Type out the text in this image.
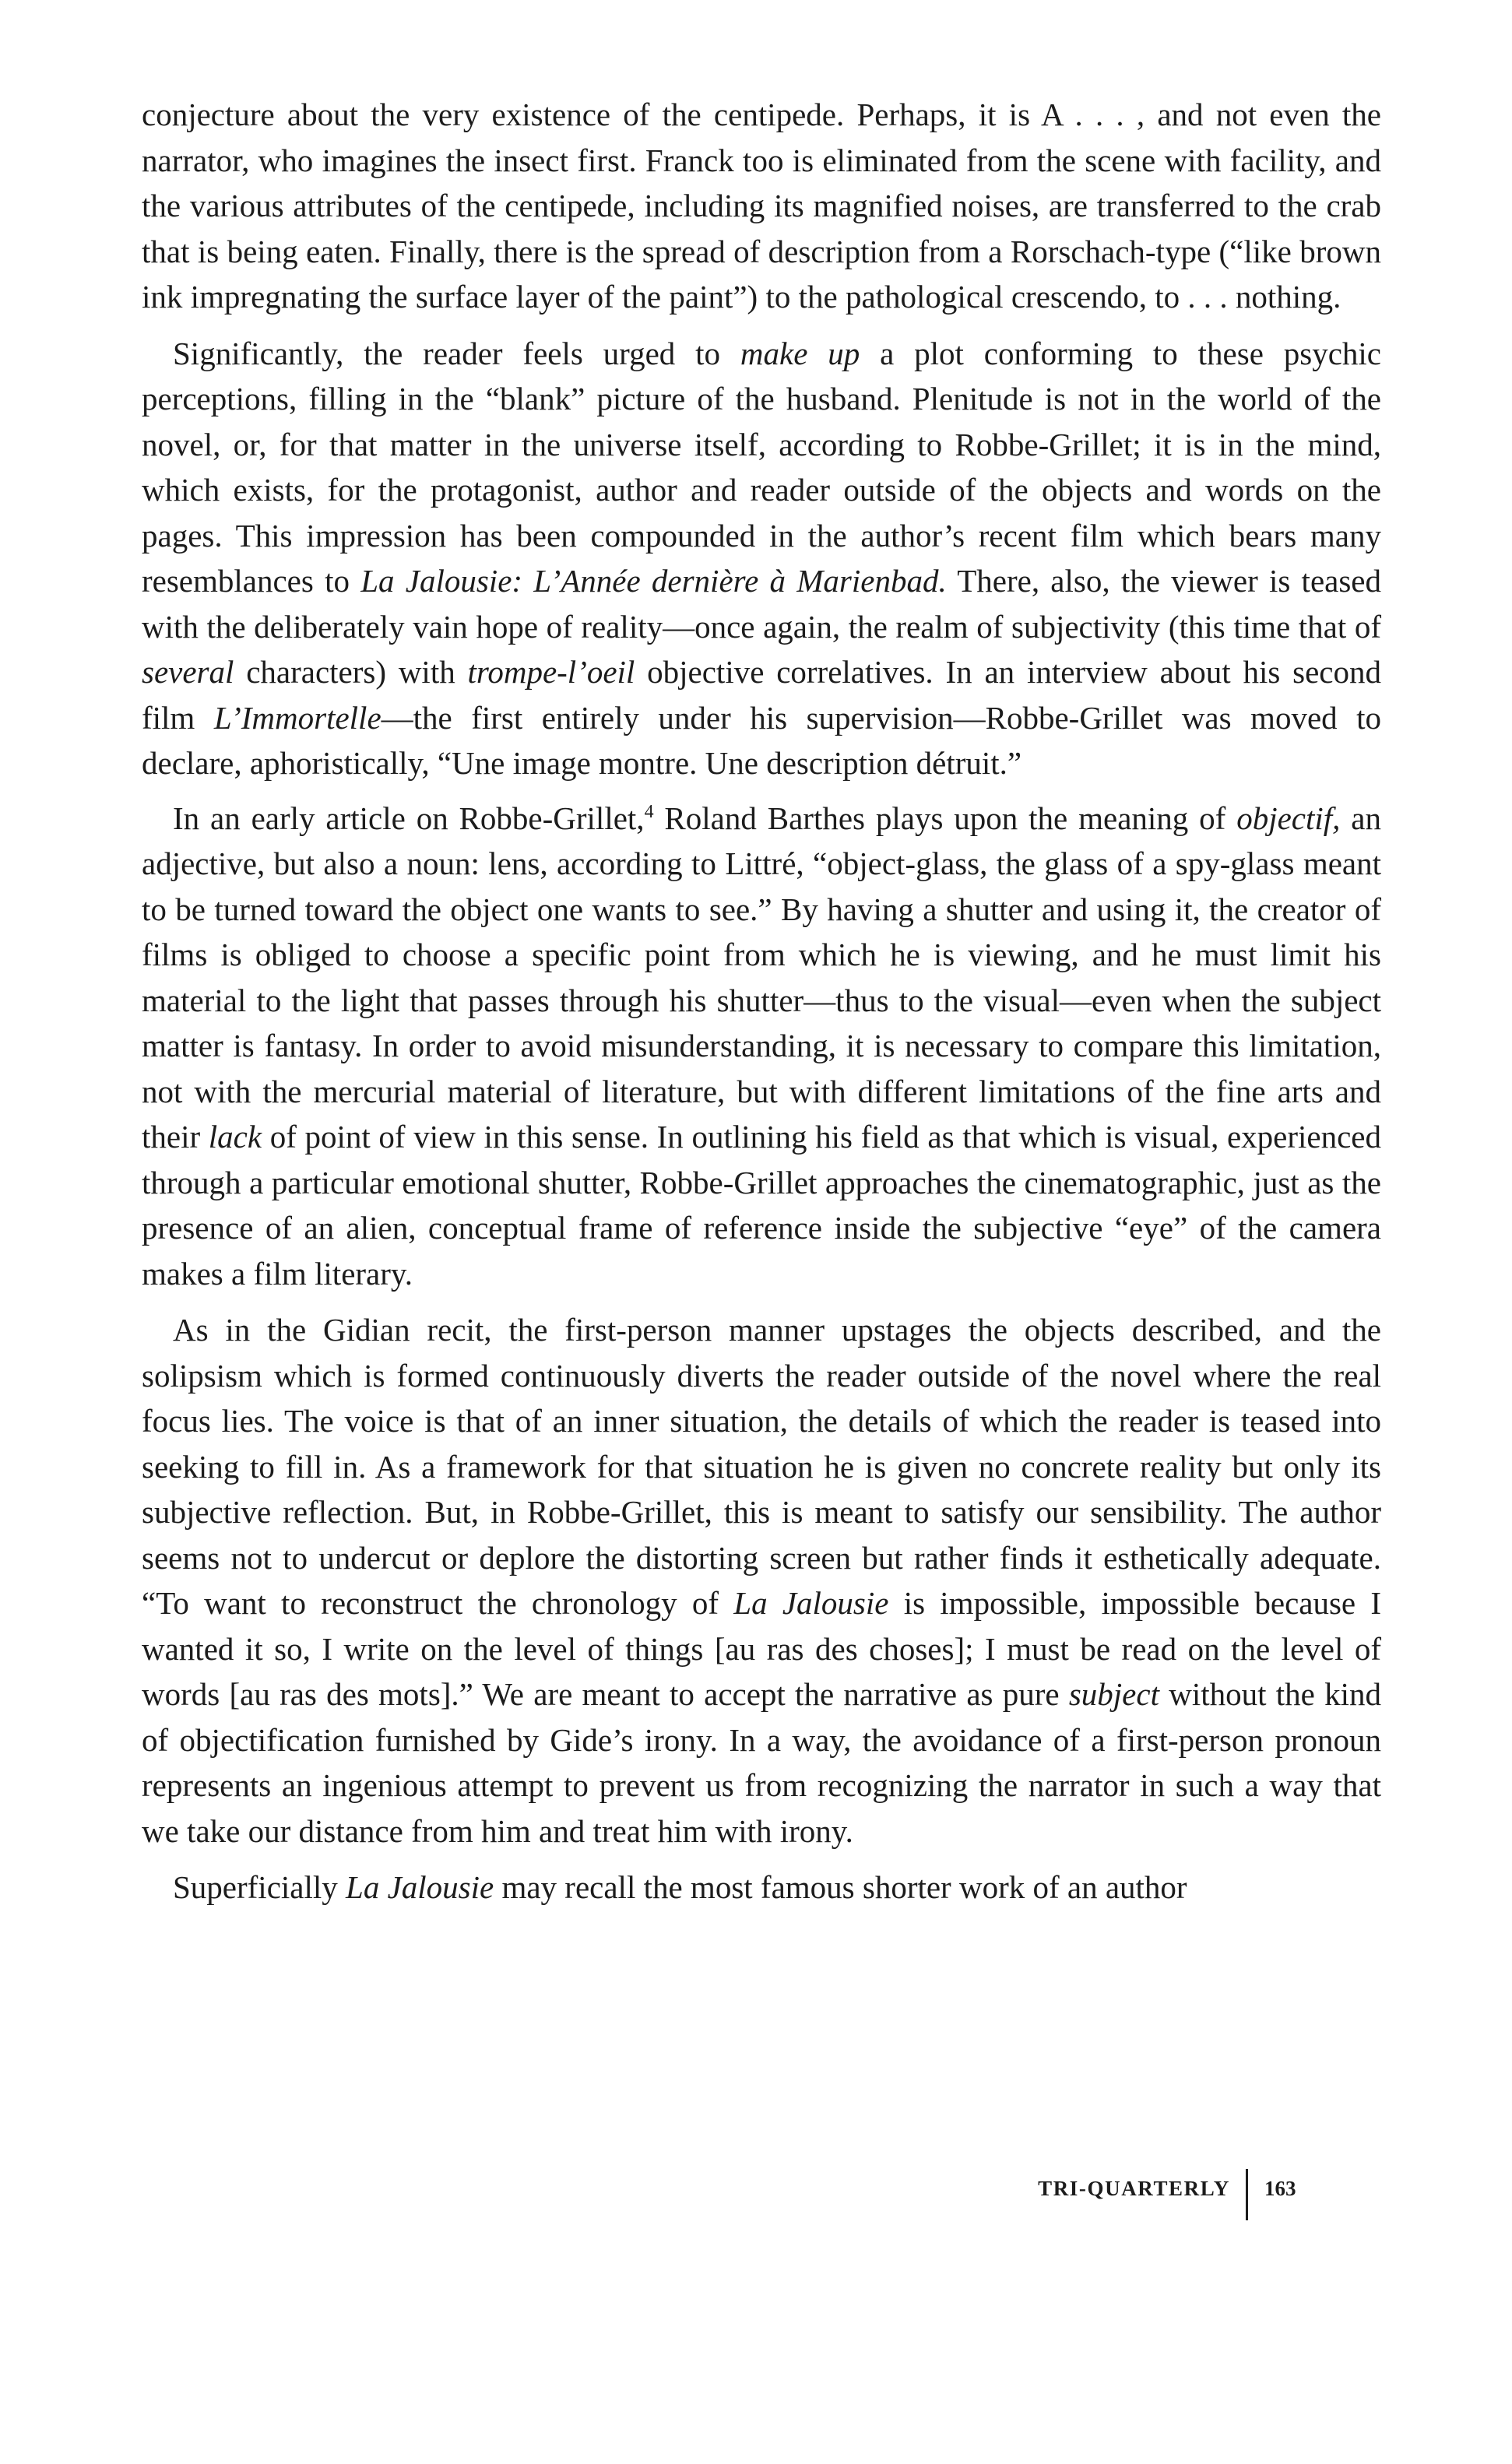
conjecture about the very existence of the centipede. Perhaps, it is A . . . , and not even the narrator, who imagines the insect first. Franck too is eliminated from the scene with facility, and the various attributes of the centipede, including its magnified noises, are transferred to the crab that is being eaten. Finally, there is the spread of description from a Rorschach-type (“like brown ink impregnating the surface layer of the paint”) to the pathological crescendo, to . . . nothing.

Significantly, the reader feels urged to make up a plot conforming to these psychic perceptions, filling in the “blank” picture of the husband. Plenitude is not in the world of the novel, or, for that matter in the universe itself, according to Robbe-Grillet; it is in the mind, which exists, for the protagonist, author and reader outside of the objects and words on the pages. This impression has been compounded in the author’s recent film which bears many resemblances to La Jalousie: L’Année dernière à Marienbad. There, also, the viewer is teased with the deliberately vain hope of reality—once again, the realm of subjectivity (this time that of several characters) with trompe-l’oeil objective correlatives. In an interview about his second film L’Immortelle—the first entirely under his supervision—Robbe-Grillet was moved to declare, aphoristically, “Une image montre. Une description détruit.”

In an early article on Robbe-Grillet,$^4$ Roland Barthes plays upon the meaning of objectif, an adjective, but also a noun: lens, according to Littré, “object-glass, the glass of a spy-glass meant to be turned toward the object one wants to see.” By having a shutter and using it, the creator of films is obliged to choose a specific point from which he is viewing, and he must limit his material to the light that passes through his shutter—thus to the visual—even when the subject matter is fantasy. In order to avoid misunderstanding, it is necessary to compare this limitation, not with the mercurial material of literature, but with different limitations of the fine arts and their lack of point of view in this sense. In outlining his field as that which is visual, experienced through a particular emotional shutter, Robbe-Grillet approaches the cinematographic, just as the presence of an alien, conceptual frame of reference inside the subjective “eye” of the camera makes a film literary.

As in the Gidian recit, the first-person manner upstages the objects described, and the solipsism which is formed continuously diverts the reader outside of the novel where the real focus lies. The voice is that of an inner situation, the details of which the reader is teased into seeking to fill in. As a framework for that situation he is given no concrete reality but only its subjective reflection. But, in Robbe-Grillet, this is meant to satisfy our sensibility. The author seems not to undercut or deplore the distorting screen but rather finds it esthetically adequate. “To want to reconstruct the chronology of La Jalousie is impossible, impossible because I wanted it so, I write on the level of things [au ras des choses]; I must be read on the level of words [au ras des mots].” We are meant to accept the narrative as pure subject without the kind of objectification furnished by Gide’s irony. In a way, the avoidance of a first-person pronoun represents an ingenious attempt to prevent us from recognizing the narrator in such a way that we take our distance from him and treat him with irony.

Superficially La Jalousie may recall the most famous shorter work of an author

TRI-QUARTERLY 163
